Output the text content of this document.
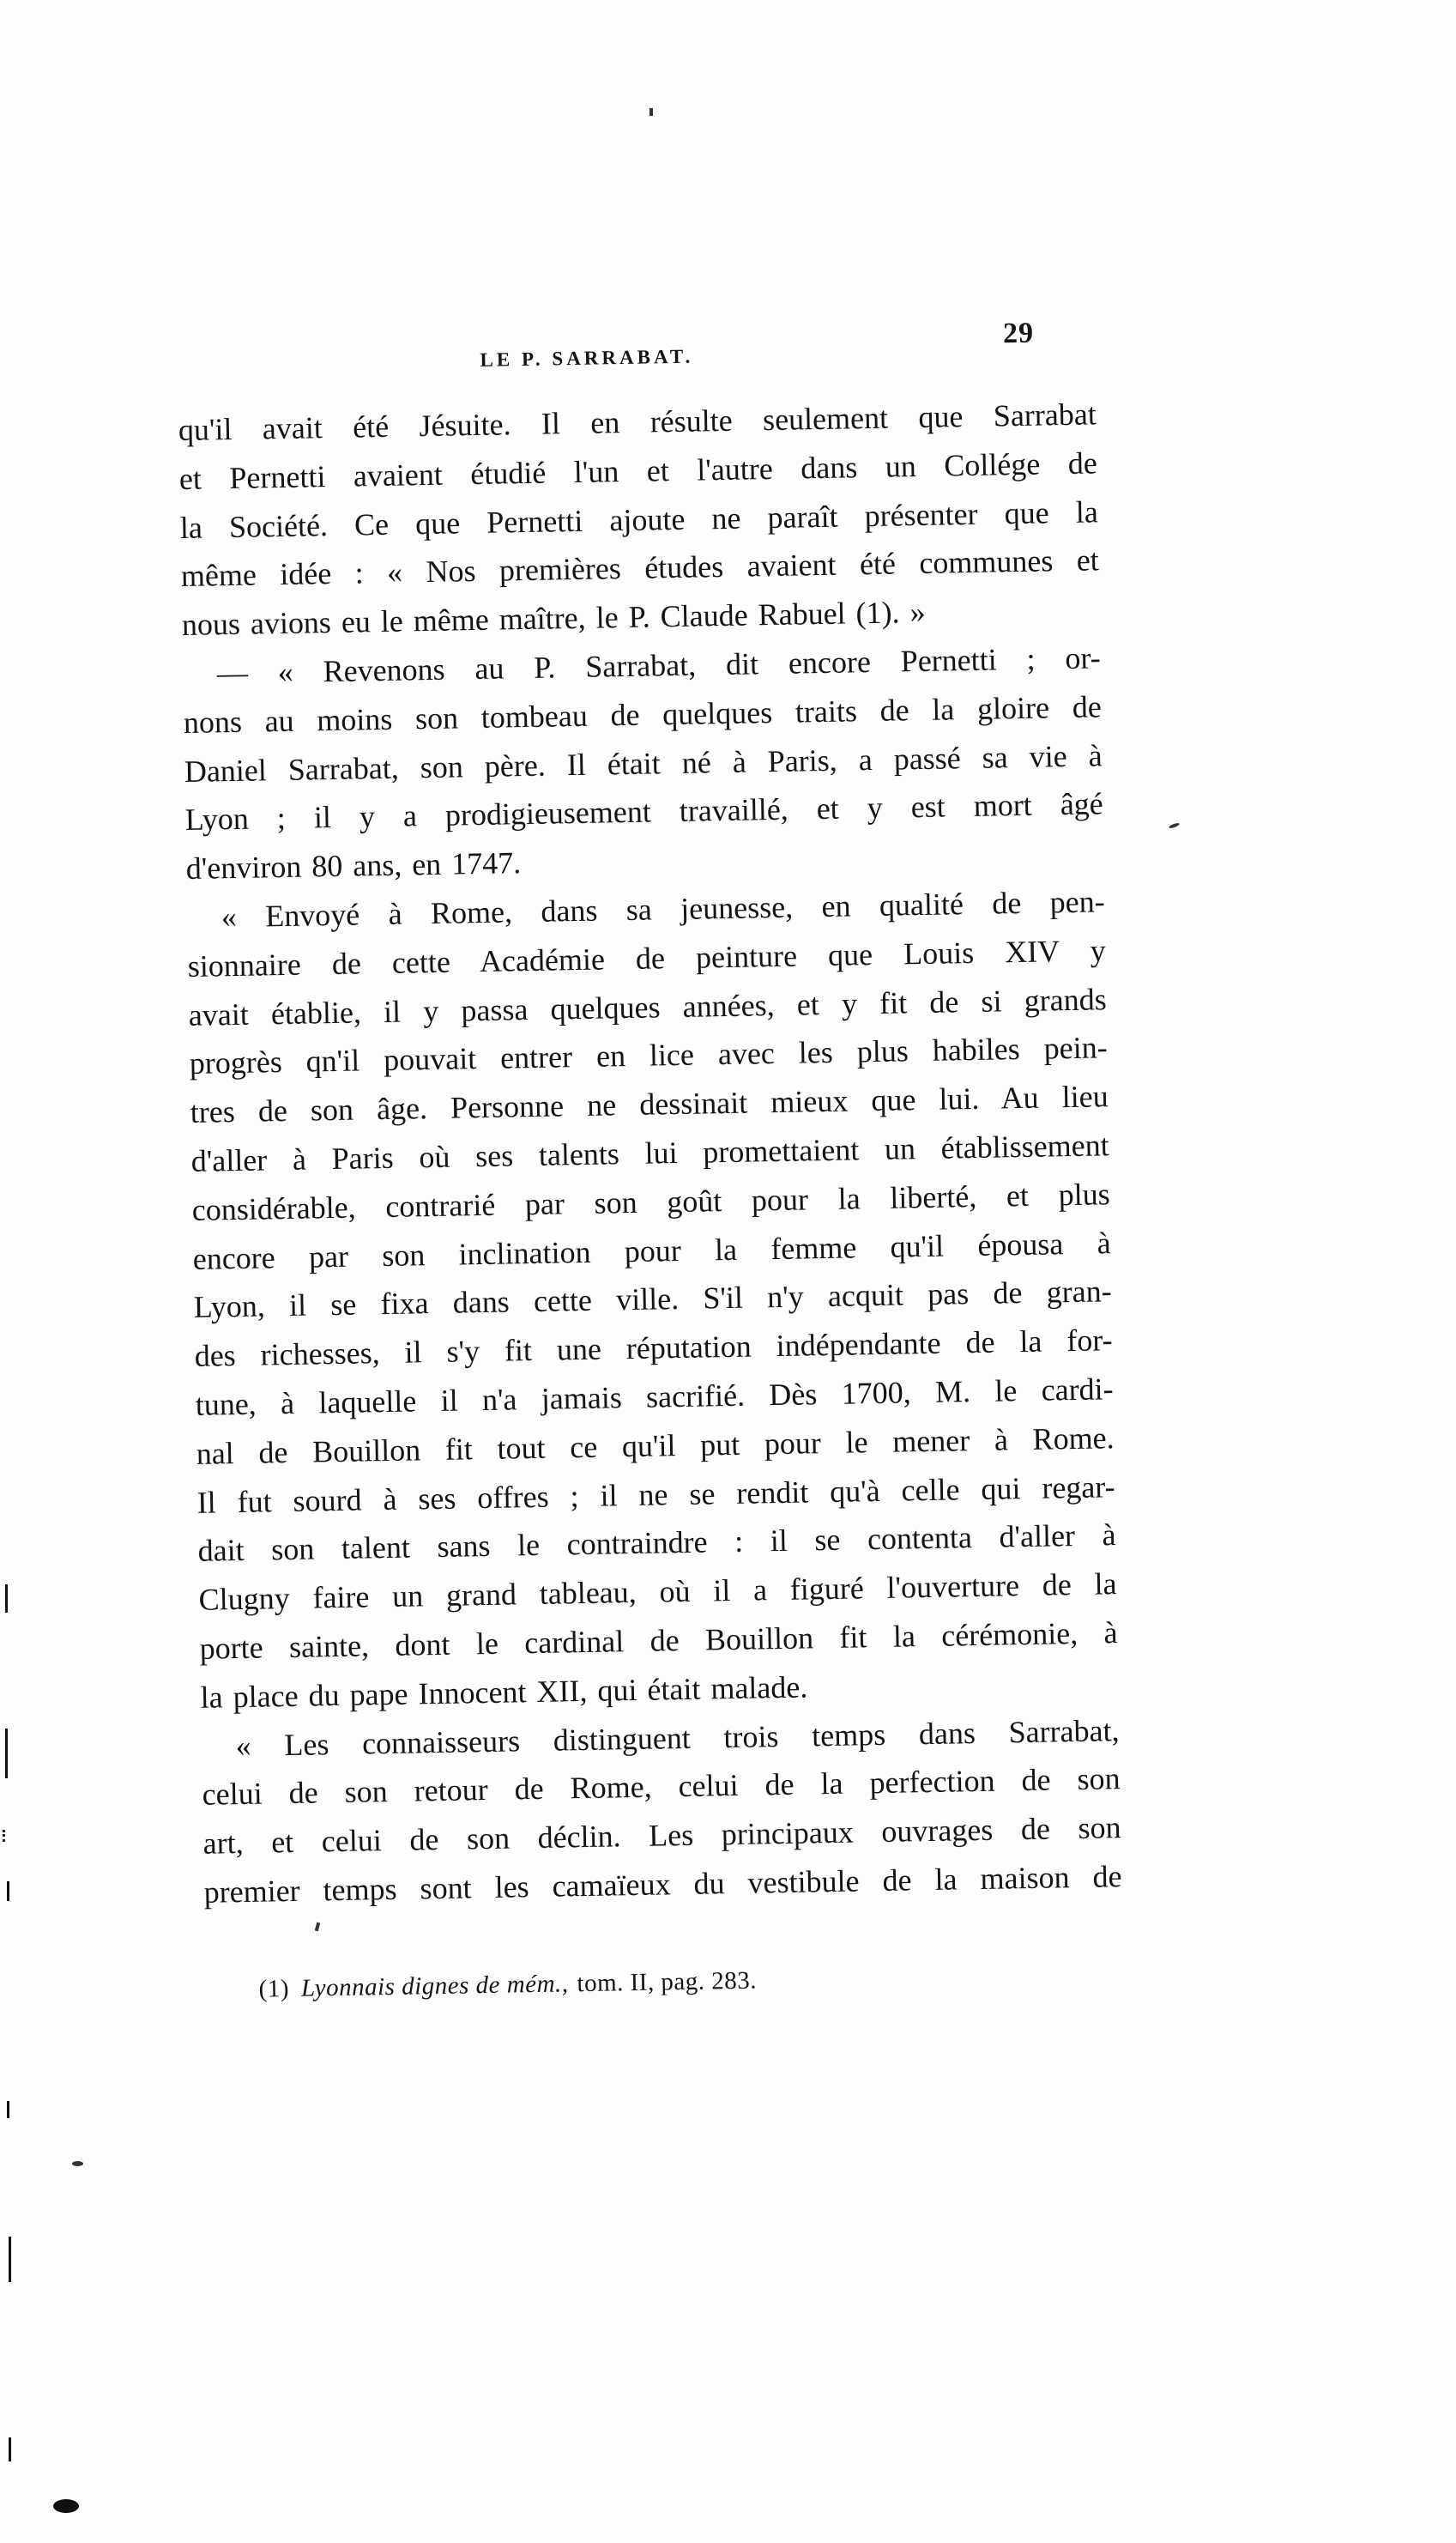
LE P. SARRABAT.
29
qu'il avait été Jésuite. Il en résulte seulement que Sarrabat
et Pernetti avaient étudié l'un et l'autre dans un Collége de
la Société. Ce que Pernetti ajoute ne paraît présenter que la
même idée : « Nos premières études avaient été communes et
nous avions eu le même maître, le P. Claude Rabuel (1). »
— « Revenons au P. Sarrabat, dit encore Pernetti ; or-
nons au moins son tombeau de quelques traits de la gloire de
Daniel Sarrabat, son père. Il était né à Paris, a passé sa vie à
Lyon ; il y a prodigieusement travaillé, et y est mort âgé
d'environ 80 ans, en 1747.
« Envoyé à Rome, dans sa jeunesse, en qualité de pen-
sionnaire de cette Académie de peinture que Louis XIV y
avait établie, il y passa quelques années, et y fit de si grands
progrès qn'il pouvait entrer en lice avec les plus habiles pein-
tres de son âge. Personne ne dessinait mieux que lui. Au lieu
d'aller à Paris où ses talents lui promettaient un établissement
considérable, contrarié par son goût pour la liberté, et plus
encore par son inclination pour la femme qu'il épousa à
Lyon, il se fixa dans cette ville. S'il n'y acquit pas de gran-
des richesses, il s'y fit une réputation indépendante de la for-
tune, à laquelle il n'a jamais sacrifié. Dès 1700, M. le cardi-
nal de Bouillon fit tout ce qu'il put pour le mener à Rome.
Il fut sourd à ses offres ; il ne se rendit qu'à celle qui regar-
dait son talent sans le contraindre : il se contenta d'aller à
Clugny faire un grand tableau, où il a figuré l'ouverture de la
porte sainte, dont le cardinal de Bouillon fit la cérémonie, à
la place du pape Innocent XII, qui était malade.
« Les connaisseurs distinguent trois temps dans Sarrabat,
celui de son retour de Rome, celui de la perfection de son
art, et celui de son déclin. Les principaux ouvrages de son
premier temps sont les camaïeux du vestibule de la maison de
(1) Lyonnais dignes de mém., tom. II, pag. 283.
